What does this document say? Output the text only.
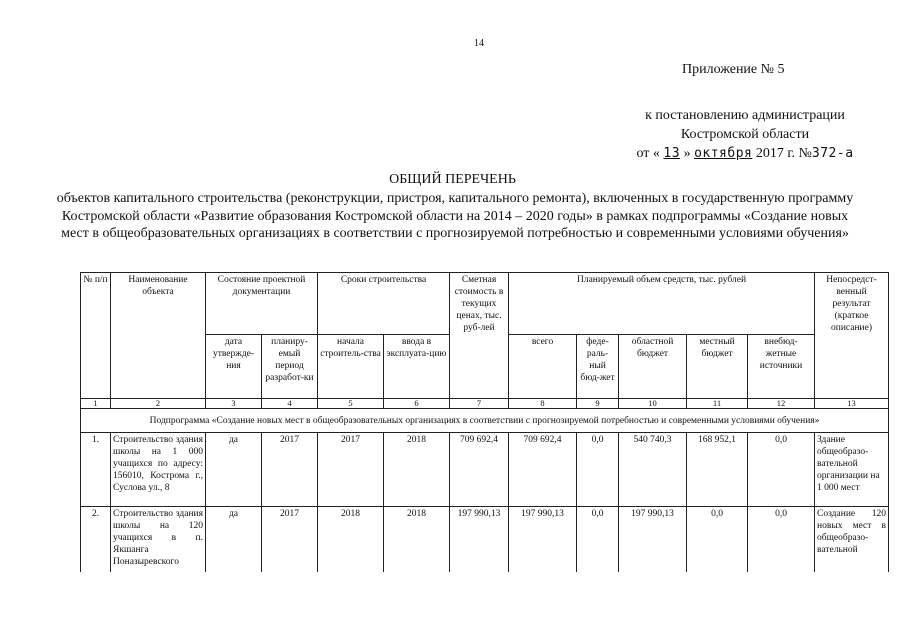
14
Приложение № 5
к постановлению администрации
Костромской области
от « 13 » октября 2017 г. №372-а
ОБЩИЙ ПЕРЕЧЕНЬ
объектов капитального строительства (реконструкции, пристроя, капитального ремонта), включенных в государственную программу Костромской области «Развитие образования Костромской области на 2014 – 2020 годы» в рамках подпрограммы «Создание новых мест в общеобразовательных организациях в соответствии с прогнозируемой потребностью и современными условиями обучения»
№ п/п	Наименование объекта	Состояние проектной документации		Сроки строительства		Сметная стоимость в текущих ценах, тыс. руб-лей	Планируемый объем средств, тыс. рублей					Непосредст-венный результат (краткое описание)
		дата утвержде-ния	планиру-емый период разработ-ки	начала строитель-ства	ввода в эксплуата-цию		всего	феде-раль-ный бюд-жет	областной бюджет	местный бюджет	внебюд-жетные источники	
1	2	3	4	5	6	7	8	9	10	11	12	13
Подпрограмма «Создание новых мест в общеобразовательных организациях в соответствии с прогнозируемой потребностью и современными условиями обучения»												
1.	Строительство здания школы на 1 000 учащихся по адресу: 156010, Кострома г., Суслова ул., 8	да	2017	2017	2018	709 692,4	709 692,4	0,0	540 740,3	168 952,1	0,0	Здание общеобразо-вательной организации на 1 000 мест
2.	Строительство здания школы на 120 учащихся в п. Якшанга Поназыревского	да	2017	2018	2018	197 990,13	197 990,13	0,0	197 990,13	0,0	0,0	Создание 120 новых мест в общеобразо-вательной
